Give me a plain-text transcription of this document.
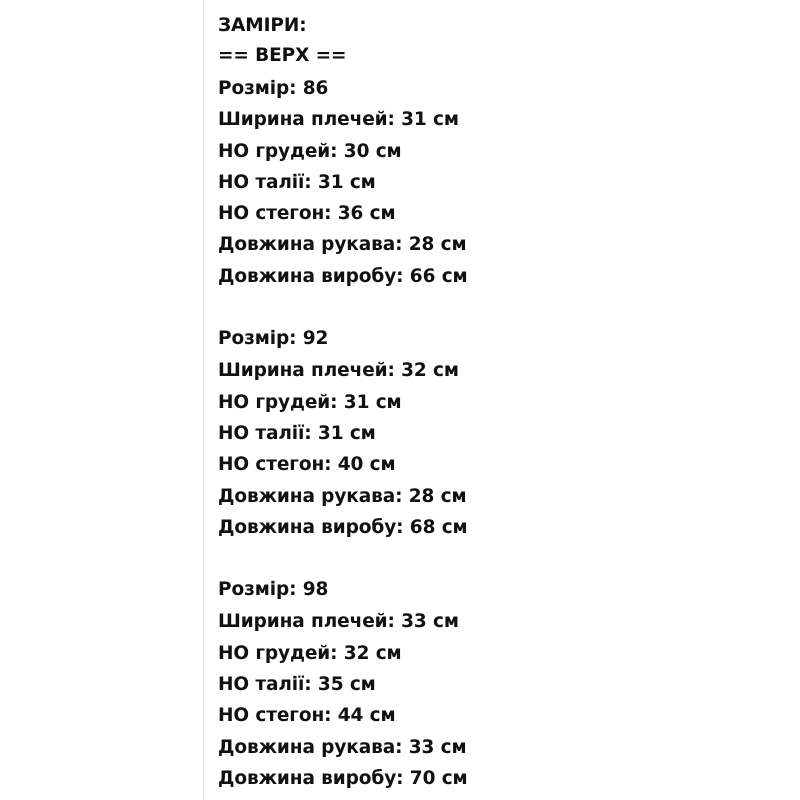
ЗАМІРИ:
== ВЕРХ ==
Розмір: 86
Ширина плечей: 31 см
НО грудей: 30 см
НО талії: 31 см
НО стегон: 36 см
Довжина рукава: 28 см
Довжина виробу: 66 см
Розмір: 92
Ширина плечей: 32 см
НО грудей: 31 см
НО талії: 31 см
НО стегон: 40 см
Довжина рукава: 28 см
Довжина виробу: 68 см
Розмір: 98
Ширина плечей: 33 см
НО грудей: 32 см
НО талії: 35 см
НО стегон: 44 см
Довжина рукава: 33 см
Довжина виробу: 70 см
